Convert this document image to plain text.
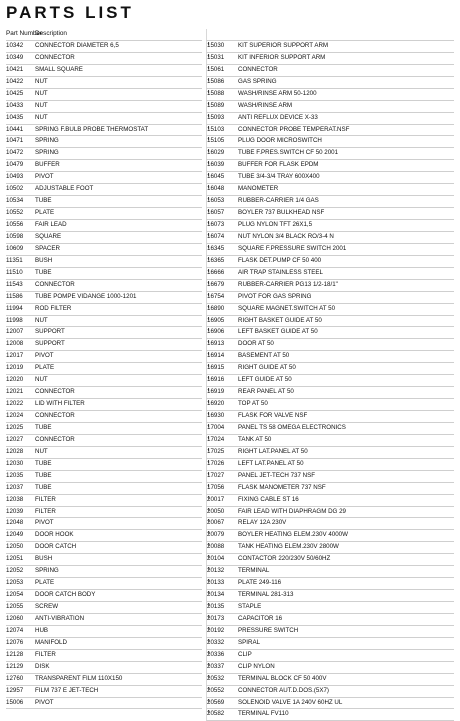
PARTS LIST
Part Number
Description
10342	CONNECTOR DIAMETER 6,5
10349	CONNECTOR
10421	SMALL SQUARE
10422	NUT
10425	NUT
10433	NUT
10435	NUT
10441	SPRING F.BULB PROBE THERMOSTAT
10471	SPRING
10472	SPRING
10479	BUFFER
10493	PIVOT
10502	ADJUSTABLE FOOT
10534	TUBE
10552	PLATE
10556	FAIR LEAD
10598	SQUARE
10609	SPACER
11351	BUSH
11510	TUBE
11543	CONNECTOR
11586	TUBE POMPE VIDANGE 1000-1201
11994	ROD FILTER
11998	NUT
12007	SUPPORT
12008	SUPPORT
12017	PIVOT
12019	PLATE
12020	NUT
12021	CONNECTOR
12022	LID WITH FILTER
12024	CONNECTOR
12025	TUBE
12027	CONNECTOR
12028	NUT
12030	TUBE
12035	TUBE
12037	TUBE
12038	FILTER
12039	FILTER
12048	PIVOT
12049	DOOR HOOK
12050	DOOR CATCH
12051	BUSH
12052	SPRING
12053	PLATE
12054	DOOR CATCH BODY
12055	SCREW
12060	ANTI-VIBRATION
12074	HUB
12076	MANIFOLD
12128	FILTER
12129	DISK
12760	TRANSPARENT FILM 110X150
12957	FILM 737 E JET-TECH
15006	PIVOT
15030	KIT SUPERIOR SUPPORT ARM
15031	KIT INFERIOR SUPPORT ARM
15061	CONNECTOR
15086	GAS SPRING
15088	WASH/RINSE ARM 50-1200
15089	WASH/RINSE ARM
15093	ANTI REFLUX DEVICE X-33
15103	CONNECTOR PROBE TEMPERAT.NSF
15105	PLUG DOOR MICROSWITCH
16029	TUBE F.PRES.SWITCH CF 50 2001
16039	BUFFER FOR FLASK EPDM
16045	TUBE 3/4-3/4 TRAY 600X400
16048	MANOMETER
16053	RUBBER-CARRIER 1/4 GAS
16057	BOYLER 737 BULKHEAD NSF
16073	PLUG NYLON TFT 26X1,5
16074	NUT NYLON 3/4 BLACK RO/3-4 N
16345	SQUARE F.PRESSURE SWITCH 2001
16365	FLASK DET.PUMP CF 50 400
16666	AIR TRAP STAINLESS STEEL
16679	RUBBER-CARRIER PG13 1/2-18/1"
16754	PIVOT FOR GAS SPRING
16890	SQUARE MAGNET.SWITCH AT 50
16905	RIGHT BASKET GUIDE AT 50
16906	LEFT BASKET GUIDE AT 50
16913	DOOR AT 50
16914	BASEMENT AT 50
16915	RIGHT GUIDE AT 50
16916	LEFT GUIDE AT 50
16919	REAR PANEL AT 50
16920	TOP AT 50
16930	FLASK FOR VALVE NSF
17004	PANEL TS 58 OMEGA ELECTRONICS
17024	TANK AT 50
17025	RIGHT LAT.PANEL AT 50
17026	LEFT LAT.PANEL AT 50
17027	PANEL JET-TECH 737 NSF
17056	FLASK MANOMETER 737 NSF
20017	FIXING CABLE ST 16
20050	FAIR LEAD WITH DIAPHRAGM DG 29
20067	RELAY 12A 230V
20079	BOYLER HEATING ELEM.230V 4000W
20088	TANK HEATING ELEM.230V 2800W
20104	CONTACTOR 220/230V 50/60HZ
20132	TERMINAL
20133	PLATE 249-116
20134	TERMINAL 281-313
20135	STAPLE
20173	CAPACITOR 16
20192	PRESSURE SWITCH
20332	SPIRAL
20336	CLIP
20337	CLIP NYLON
20532	TERMINAL BLOCK CF 50 400V
20552	CONNECTOR AUT.D.DOS.(5X7)
20569	SOLENOID VALVE 1A 240V 60HZ UL
20582	TERMINAL FV110
